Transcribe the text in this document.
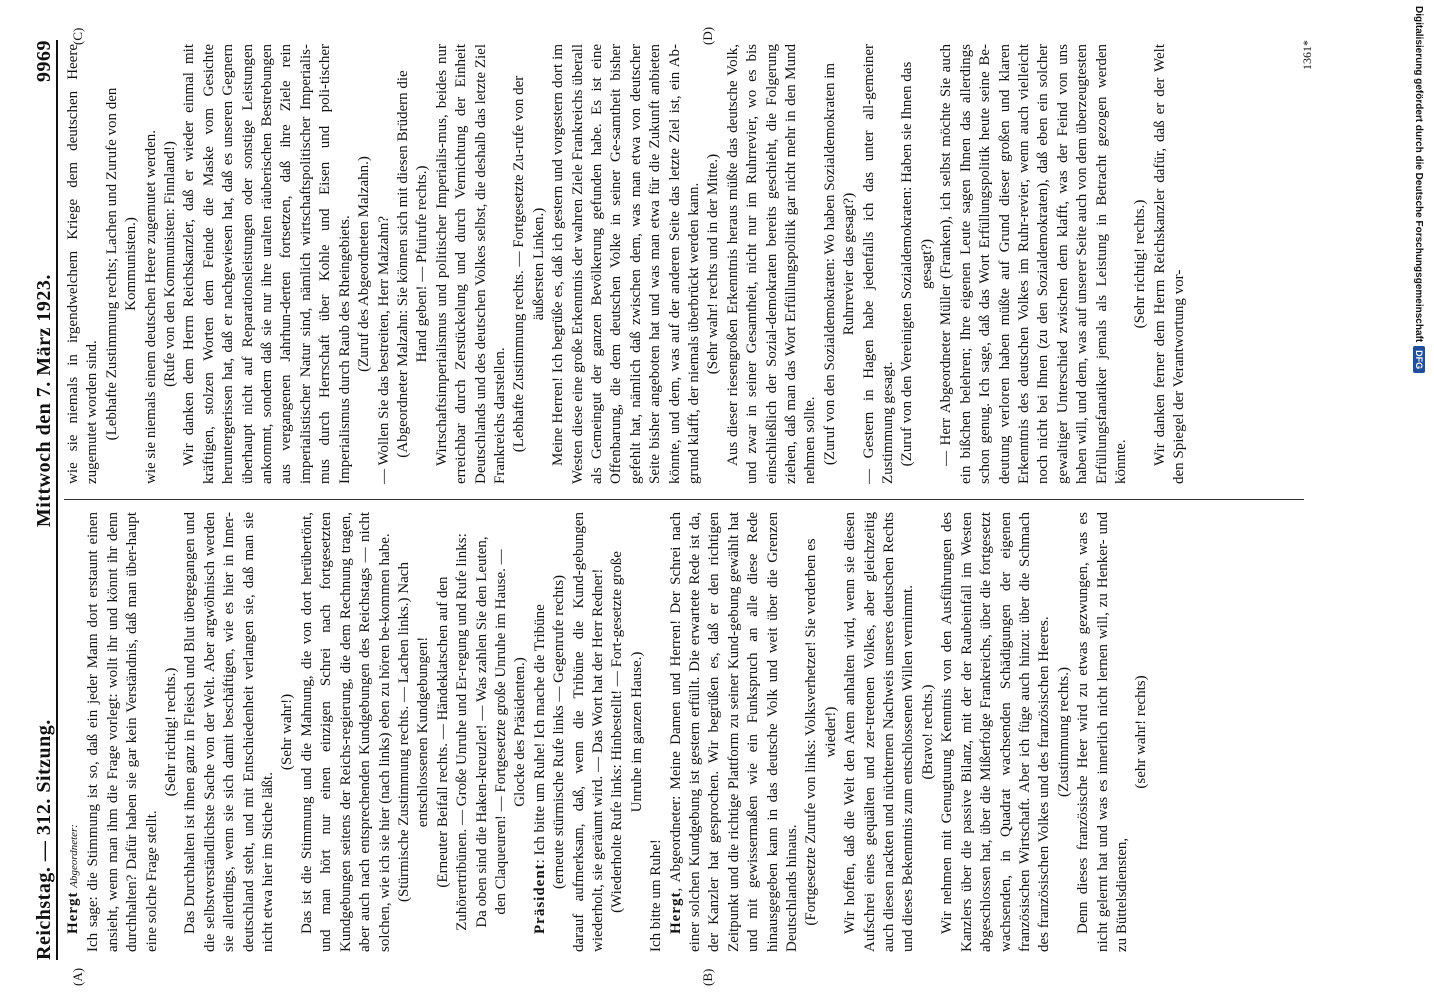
Reichstag. — 312. Sitzung.
Mittwoch den 7. März 1923.
9969
(A)	(B)
(C)	(D)

Hergt Abgeordneter: Ich sage: die Stimmung ist so, daß ein jeder Mann dort erstaunt einen ansieht, wenn man ihm die Frage vorlegt: wollt ihr und könnt ihr denn durchhalten? Dafür haben sie gar kein Verständnis, daß man über-haupt eine solche Frage stellt.

(Sehr richtig! rechts.) Das Durchhalten ist ihnen ganz in Fleisch und Blut übergegangen und die selbstverständlichste Sache von der Welt. Aber argwöhnisch werden sie allerdings, wenn sie sich damit beschäftigen, wie es hier in Inner-deutschland steht, und mit Entschiedenheit verlangen sie, daß man sie nicht etwa hier im Stiche läßt.

(Sehr wahr!) Das ist die Stimmung und die Mahnung, die von dort herübertönt, und man hört nur einen einzigen Schrei nach fortgesetzten Kundgebungen seitens der Reichs-regierung, die dem Rechnung tragen, aber auch nach entsprechenden Kundgebungen des Reichstags — nicht solchen, wie ich sie hier (nach links) eben zu hören be-kommen habe. (Stürmische Zustimmung rechts. — Lachen links.) Nach entschlossenen Kundgebungen! (Erneuter Beifall rechts. — Händeklatschen auf den Zuhörertribünen. — Große Unruhe und Er-regung und Rufe links: Da oben sind die Haken-kreuzler! — Was zahlen Sie den Leuten, den Claqueuren! — Fortgesetzte große Unruhe im Hause. — Glocke des Präsidenten.)

Präsident: Ich bitte um Ruhe! Ich mache die Tribüne (erneute stürmische Rufe links — Gegenrufe rechts) darauf aufmerksam, daß, wenn die Tribüne die Kund-gebungen wiederholt, sie geräumt wird. — Das Wort hat der Herr Redner! (Wiederholte Rufe links: Hinbestellt! — Fort-gesetzte große Unruhe im ganzen Hause.)

Ich bitte um Ruhe! Hergt, Abgeordneter: Meine Damen und Herren! Der Schrei nach einer solchen Kundgebung ist gestern erfüllt. Die erwartete Rede ist da, der Kanzler hat gesprochen. Wir begrüßen es, daß er den richtigen Zeitpunkt und die richtige Plattform zu seiner Kund-gebung gewählt hat und mit gewissermaßen wie ein Funkspruch an alle diese Rede hinausgegeben kann in das deutsche Volk und weit über die Grenzen Deutschlands hinaus. (Fortgesetzte Zurufe von links: Volksverhetzer! Sie verderben es wieder!) Wir hoffen, daß die Welt den Atem anhalten wird, wenn sie diesen Aufschrei eines gequälten und zer-tretenen Volkes, aber gleichzeitig auch diesen nackten und nüchternen Nachweis unseres deutschen Rechts und dieses Bekenntnis zum entschlossenen Willen vernimmt. (Bravo! rechts.) Wir nehmen mit Genugtuung Kenntnis von den Ausführungen des Kanzlers über die passive Bilanz, mit der der Raubeinfall im Westen abgeschlossen hat, über die Mißerfolge Frankreichs, über die fortgesetzt wachsenden, in Quadrat wachsenden Schädigungen der eigenen französischen Wirtschaft. Aber ich füge auch hinzu: über die Schmach des französischen Volkes und des französischen Heeres. (Zustimmung rechts.) Denn dieses französische Heer wird zu etwas gezwungen, was es nicht gelernt hat und was es innerlich nicht lernen will, zu Henker- und zu Büttelsdiensten,

(sehr wahr! rechts)

wie sie niemals in irgendwelchem Kriege dem deutschen Heere zugemutet worden sind. (Lebhafte Zustimmung rechts; Lachen und Zurufe von den Kommunisten.) wie sie niemals einem deutschen Heere zugemutet werden. (Rufe von den Kommunisten: Finnland!) Wir danken dem Herrn Reichskanzler, daß er wieder einmal mit kräftigen, stolzen Worten dem Feinde die Maske vom Gesichte heruntergerissen hat, daß er nachgewiesen hat, daß es unseren Gegnern überhaupt nicht auf Reparationsleistungen oder sonstige Leistungen ankommt, sondern daß sie nur ihre uralten räuberischen Bestrebungen aus vergangenen Jahrhun-derten fortsetzen, daß ihre Ziele rein imperialistischer Natur sind, nämlich wirtschaftspolitischer Imperialis-mus durch Herrschaft über Kohle und Eisen und poli-tischer Imperialismus durch Raub des Rheingebiets. (Zuruf des Abgeordneten Malzahn.) — Wollen Sie das bestreiten, Herr Malzahn? (Abgeordneter Malzahn: Sie können sich mit diesen Brüdern die Hand geben! — Pfuirufe rechts.) Wirtschaftsimperialismus und politischer Imperialis-mus, beides nur erreichbar durch Zerstückelung und durch Vernichtung der Einheit Deutschlands und des deutschen Volkes selbst, die deshalb das letzte Ziel Frankreichs darstellen. (Lebhafte Zustimmung rechts. — Fortgesetzte Zu-rufe von der äußersten Linken.) Meine Herren! Ich begrüße es, daß ich gestern und vorgestern dort im Westen diese eine große Erkenntnis der wahren Ziele Frankreichs überall als Gemeingut der ganzen Bevölkerung gefunden habe. Es ist eine Offenbarung, die dem deutschen Volke in seiner Ge-samtheit bisher gefehlt hat, nämlich daß zwischen dem, was man etwa von deutscher Seite bisher angeboten hat und was man etwa für die Zukunft anbieten könnte, und dem, was auf der anderen Seite das letzte Ziel ist, ein Ab-grund klafft, der niemals überbrückt werden kann. (Sehr wahr! rechts und in der Mitte.) Aus dieser riesengroßen Erkenntnis heraus müßte das deutsche Volk, und zwar in seiner Gesamtheit, nicht nur im Ruhrrevier, wo es bis einschließlich der Sozial-demokraten bereits geschieht, die Folgerung ziehen, daß man das Wort Erfüllungspolitik gar nicht mehr in den Mund nehmen sollte. (Zuruf von den Sozialdemokraten: Wo haben Sozialdemokraten im Ruhrrevier das gesagt?) — Gestern in Hagen habe jedenfalls ich das unter all-gemeiner Zustimmung gesagt. (Zuruf von den Vereinigten Sozialdemokraten: Haben sie Ihnen das gesagt?) — Herr Abgeordneter Müller (Franken), ich selbst möchte Sie auch ein bißchen belehren; Ihre eigenen Leute sagen Ihnen das allerdings schon genug. Ich sage, daß das Wort Erfüllungspolitik heute seine Be-deutung verloren haben müßte auf Grund dieser großen und klaren Erkenntnis des deutschen Volkes im Ruhr-revier, wenn auch vielleicht noch nicht bei Ihnen (zu den Sozialdemokraten), daß eben ein solcher gewaltiger Unterschied zwischen dem klafft, was der Feind von uns haben will, und dem, was auf unserer Seite auch von dem überzeugtesten Erfüllungsfanatiker jemals als Leistung in Betracht gezogen werden könnte.

(Sehr richtig! rechts.) Wir danken ferner dem Herrn Reichskanzler dafür, daß er der Welt den Spiegel der Verantwortung vor-

1361*	Digitalisierung gefördert durch die Deutsche Forschungsgemeinschaft
DFG
